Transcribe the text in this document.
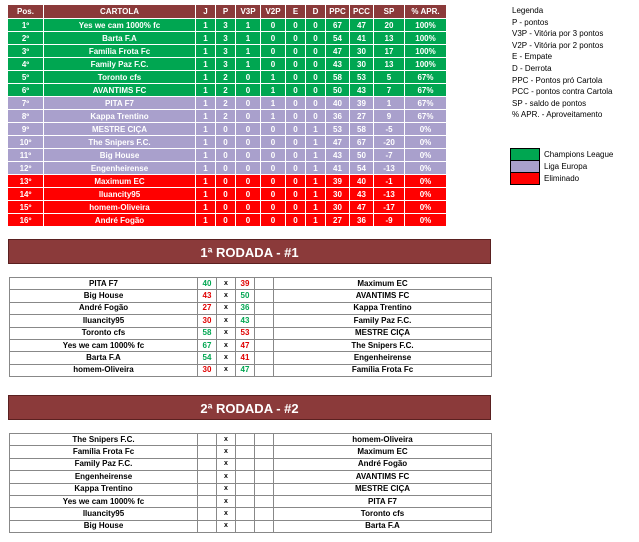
Pos.	CARTOLA	J	P	V3P	V2P	E	D	PPC	PCC	SP	% APR.
1º	Yes we cam 1000% fc	1	3	1	0	0	0	67	47	20	100%
2º	Barta F.A	1	3	1	0	0	0	54	41	13	100%
3º	Família Frota Fc	1	3	1	0	0	0	47	30	17	100%
4º	Family Paz F.C.	1	3	1	0	0	0	43	30	13	100%
5º	Toronto cfs	1	2	0	1	0	0	58	53	5	67%
6º	AVANTIMS FC	1	2	0	1	0	0	50	43	7	67%
7º	PITA F7	1	2	0	1	0	0	40	39	1	67%
8º	Kappa Trentino	1	2	0	1	0	0	36	27	9	67%
9º	MESTRE CIÇA	1	0	0	0	0	1	53	58	-5	0%
10º	The Snipers F.C.	1	0	0	0	0	1	47	67	-20	0%
11º	Big House	1	0	0	0	0	1	43	50	-7	0%
12º	Engenheirense	1	0	0	0	0	1	41	54	-13	0%
13º	Maximum EC	1	0	0	0	0	1	39	40	-1	0%
14º	lluancity95	1	0	0	0	0	1	30	43	-13	0%
15º	homem-Oliveira	1	0	0	0	0	1	30	47	-17	0%
16º	André Fogão	1	0	0	0	0	1	27	36	-9	0%
Legenda
P - pontos
V3P - Vitória por 3 pontos
V2P - Vitória por 2 pontos
E - Empate
D - Derrota
PPC - Pontos pró Cartola
PCC - pontos contra Cartola
SP - saldo de pontos
% APR. - Aproveitamento
	Champions League
	Liga Europa
	Eliminado
1ª RODADA - #1
PITA F7	40	x	39		Maximum EC
Big House	43	x	50		AVANTIMS FC
André Fogão	27	x	36		Kappa Trentino
lluancity95	30	x	43		Family Paz F.C.
Toronto cfs	58	x	53		MESTRE CIÇA
Yes we cam 1000% fc	67	x	47		The Snipers F.C.
Barta F.A	54	x	41		Engenheirense
homem-Oliveira	30	x	47		Família Frota Fc
2ª RODADA - #2
The Snipers F.C.		x			homem-Oliveira
Família Frota Fc		x			Maximum EC
Family Paz F.C.		x			André Fogão
Engenheirense		x			AVANTIMS FC
Kappa Trentino		x			MESTRE CIÇA
Yes we cam 1000% fc		x			PITA F7
lluancity95		x			Toronto cfs
Big House		x			Barta F.A
